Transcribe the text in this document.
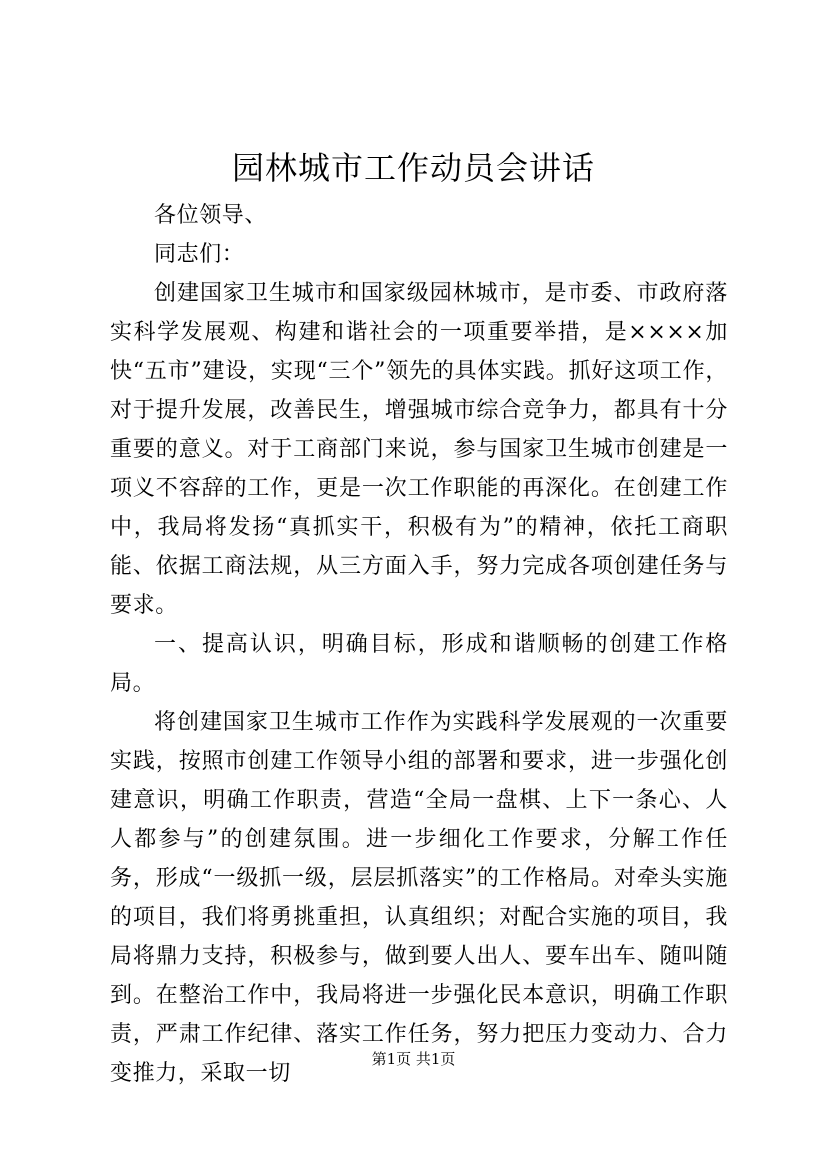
园林城市工作动员会讲话

各位领导、

同志们：

创建国家卫生城市和国家级园林城市，是市委、市政府落实科学发展观、构建和谐社会的一项重要举措，是××××加快“五市”建设，实现“三个”领先的具体实践。抓好这项工作，对于提升发展，改善民生，增强城市综合竞争力，都具有十分重要的意义。对于工商部门来说，参与国家卫生城市创建是一项义不容辞的工作，更是一次工作职能的再深化。在创建工作中，我局将发扬“真抓实干，积极有为”的精神，依托工商职能、依据工商法规，从三方面入手，努力完成各项创建任务与要求。

一、提高认识，明确目标，形成和谐顺畅的创建工作格局。

将创建国家卫生城市工作作为实践科学发展观的一次重要实践，按照市创建工作领导小组的部署和要求，进一步强化创建意识，明确工作职责，营造“全局一盘棋、上下一条心、人人都参与”的创建氛围。进一步细化工作要求，分解工作任务，形成“一级抓一级，层层抓落实”的工作格局。对牵头实施的项目，我们将勇挑重担，认真组织；对配合实施的项目，我局将鼎力支持，积极参与，做到要人出人、要车出车、随叫随到。在整治工作中，我局将进一步强化民本意识，明确工作职责，严肃工作纪律、落实工作任务，努力把压力变动力、合力变推力，采取一切

第1页 共1页
